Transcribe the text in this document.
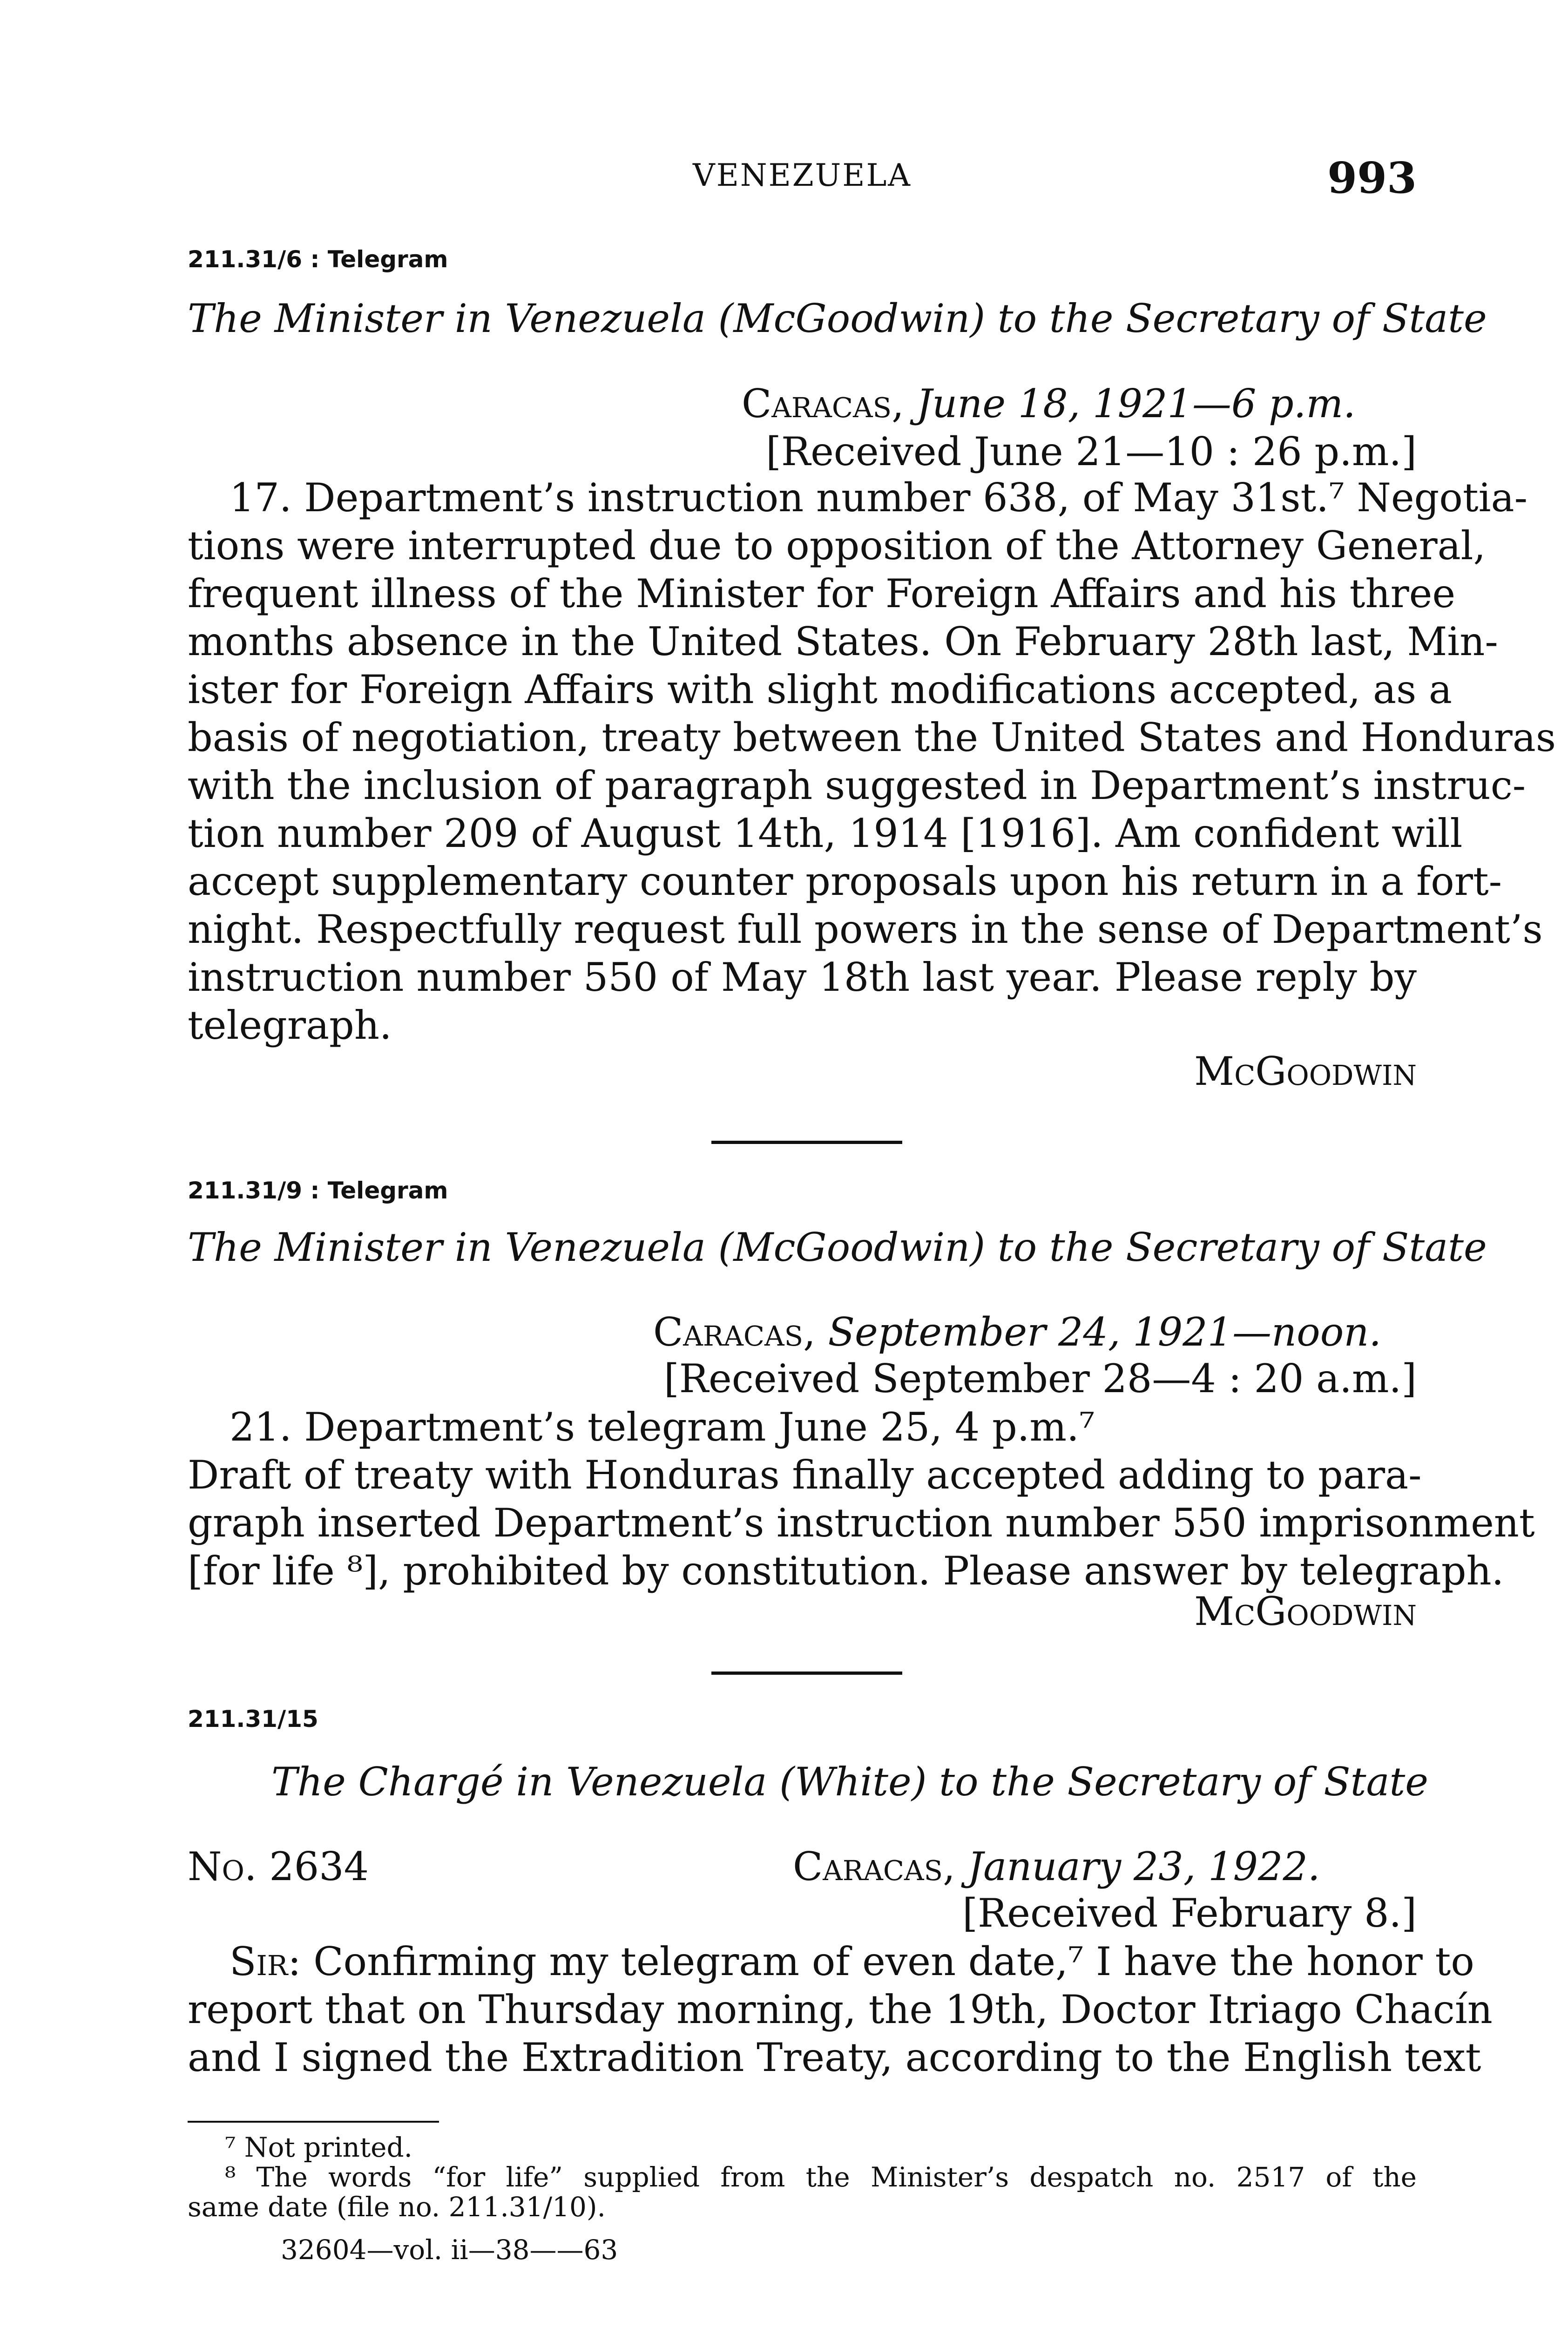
VENEZUELA	993
211.31/6 : Telegram
The Minister in Venezuela (McGoodwin) to the Secretary of State
Caracas, June 18, 1921—6 p.m.
[Received June 21—10 : 26 p.m.]
17. Department’s instruction number 638, of May 31st.⁷ Negotia-
tions were interrupted due to opposition of the Attorney General,
frequent illness of the Minister for Foreign Affairs and his three
months absence in the United States. On February 28th last, Min-
ister for Foreign Affairs with slight modifications accepted, as a
basis of negotiation, treaty between the United States and Honduras
with the inclusion of paragraph suggested in Department’s instruc-
tion number 209 of August 14th, 1914 [1916]. Am confident will
accept supplementary counter proposals upon his return in a fort-
night. Respectfully request full powers in the sense of Department’s
instruction number 550 of May 18th last year. Please reply by
telegraph.
McGoodwin
211.31/9 : Telegram
The Minister in Venezuela (McGoodwin) to the Secretary of State
Caracas, September 24, 1921—noon.
[Received September 28—4 : 20 a.m.]
21. Department’s telegram June 25, 4 p.m.⁷
Draft of treaty with Honduras finally accepted adding to para-
graph inserted Department’s instruction number 550 imprisonment
[for life ⁸], prohibited by constitution. Please answer by telegraph.
McGoodwin
211.31/15
The Chargé in Venezuela (White) to the Secretary of State
No. 2634	Caracas, January 23, 1922.
[Received February 8.]
Sir: Confirming my telegram of even date,⁷ I have the honor to
report that on Thursday morning, the 19th, Doctor Itriago Chacín
and I signed the Extradition Treaty, according to the English text
⁷ Not printed.
⁸ The words “for life” supplied from the Minister’s despatch no. 2517 of the
same date (file no. 211.31/10).
32604—vol. ii—38——63
